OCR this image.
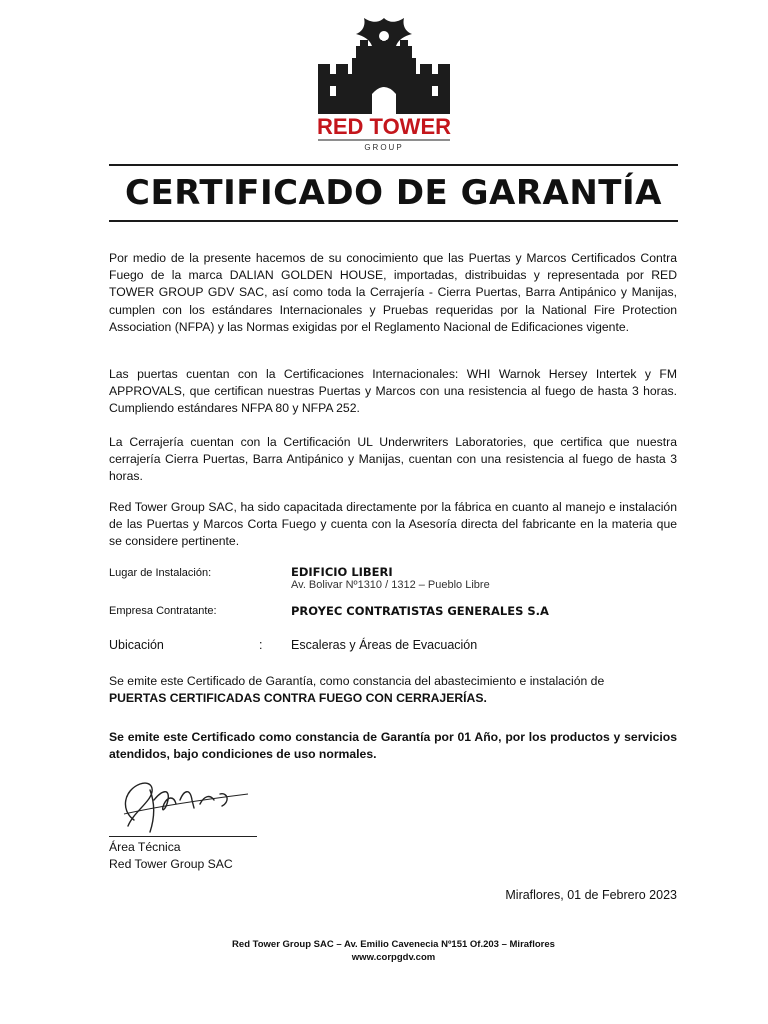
RED TOWER
GROUP
CERTIFICADO DE GARANTÍA

Por medio de la presente hacemos de su conocimiento que las Puertas y Marcos Certificados Contra Fuego de la marca DALIAN GOLDEN HOUSE, importadas, distribuidas y representada por RED TOWER GROUP GDV SAC, así como toda la Cerrajería - Cierra Puertas, Barra Antipánico y Manijas, cumplen con los estándares Internacionales y Pruebas requeridas por la National Fire Protection Association (NFPA) y las Normas exigidas por el Reglamento Nacional de Edificaciones vigente.

Las puertas cuentan con la Certificaciones Internacionales: WHI Warnok Hersey Intertek y FM APPROVALS, que certifican nuestras Puertas y Marcos con una resistencia al fuego de hasta 3 horas. Cumpliendo estándares NFPA 80 y NFPA 252.

La Cerrajería cuentan con la Certificación UL Underwriters Laboratories, que certifica que nuestra cerrajería Cierra Puertas, Barra Antipánico y Manijas, cuentan con una resistencia al fuego de hasta 3 horas.

Red Tower Group SAC, ha sido capacitada directamente por la fábrica en cuanto al manejo e instalación de las Puertas y Marcos Corta Fuego y cuenta con la Asesoría directa del fabricante en la materia que se considere pertinente.

Lugar de Instalación:	EDIFICIO LIBERI
Av. Bolivar Nº1310 / 1312 – Pueblo Libre
Empresa Contratante:	PROYEC CONTRATISTAS GENERALES S.A
Ubicación	: Escaleras y Áreas de Evacuación

Se emite este Certificado de Garantía, como constancia del abastecimiento e instalación de
PUERTAS CERTIFICADAS CONTRA FUEGO CON CERRAJERÍAS.

Se emite este Certificado como constancia de Garantía por 01 Año, por los productos y servicios atendidos, bajo condiciones de uso normales.

Área Técnica
Red Tower Group SAC
Miraflores, 01 de Febrero 2023
Red Tower Group SAC – Av. Emilio Cavenecia Nº151 Of.203 – Miraflores
www.corpgdv.com
